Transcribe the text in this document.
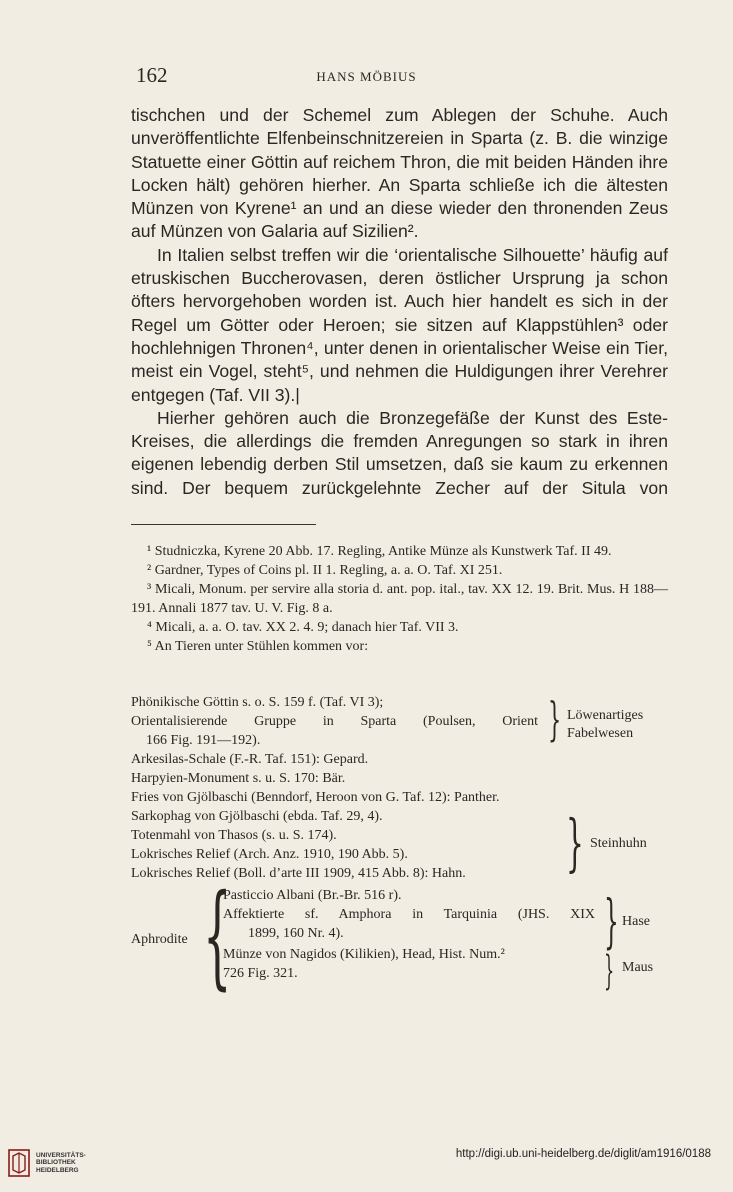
162	HANS MÖBIUS

tischchen und der Schemel zum Ablegen der Schuhe. Auch unveröffentlichte Elfenbeinschnitzereien in Sparta (z. B. die winzige Statuette einer Göttin auf reichem Thron, die mit beiden Händen ihre Locken hält) gehören hierher. An Sparta schließe ich die ältesten Münzen von Kyrene¹ an und an diese wieder den thronenden Zeus auf Münzen von Galaria auf Sizilien².

In Italien selbst treffen wir die ‘orientalische Silhouette’ häufig auf etruskischen Buccherovasen, deren östlicher Ursprung ja schon öfters hervorgehoben worden ist. Auch hier handelt es sich in der Regel um Götter oder Heroen; sie sitzen auf Klappstühlen³ oder hochlehnigen Thronen⁴, unter denen in orientalischer Weise ein Tier, meist ein Vogel, steht⁵, und nehmen die Huldigungen ihrer Verehrer entgegen (Taf. VII 3).|

Hierher gehören auch die Bronzegefäße der Kunst des Este-Kreises, die allerdings die fremden Anregungen so stark in ihren eigenen lebendig derben Stil umsetzen, daß sie kaum zu erkennen sind. Der bequem zurückgelehnte Zecher auf der Situla von

¹ Studniczka, Kyrene 20 Abb. 17. Regling, Antike Münze als Kunstwerk Taf. II 49.

² Gardner, Types of Coins pl. II 1. Regling, a. a. O. Taf. XI 251.

³ Micali, Monum. per servire alla storia d. ant. pop. ital., tav. XX 12. 19. Brit. Mus. H 188—191. Annali 1877 tav. U. V. Fig. 8 a.

⁴ Micali, a. a. O. tav. XX 2. 4. 9; danach hier Taf. VII 3.

⁵ An Tieren unter Stühlen kommen vor:

Phönikische Göttin s. o. S. 159 f. (Taf. VI 3);
Orientalisierende Gruppe in Sparta (Poulsen, Orient
166 Fig. 191—192).	} Löwenartiges Fabelwesen
Arkesilas-Schale (F.-R. Taf. 151): Gepard.
Harpyien-Monument s. u. S. 170: Bär.
Fries von Gjölbaschi (Benndorf, Heroon von G. Taf. 12): Panther.
Sarkophag von Gjölbaschi (ebda. Taf. 29, 4).
Totenmahl von Thasos (s. u. S. 174).
Lokrisches Relief (Arch. Anz. 1910, 190 Abb. 5).	} Steinhuhn
Lokrisches Relief (Boll. d’arte III 1909, 415 Abb. 8): Hahn.
Aphrodite {
Pasticcio Albani (Br.-Br. 516 r).
Affektierte sf. Amphora in Tarquinia (JHS. XIX
1899, 160 Nr. 4).	} Hase
Münze von Nagidos (Kilikien), Head, Hist. Num.²
726 Fig. 321.	} Maus
UNIVERSITÄTS-
BIBLIOTHEK
HEIDELBERG
http://digi.ub.uni-heidelberg.de/diglit/am1916/0188
